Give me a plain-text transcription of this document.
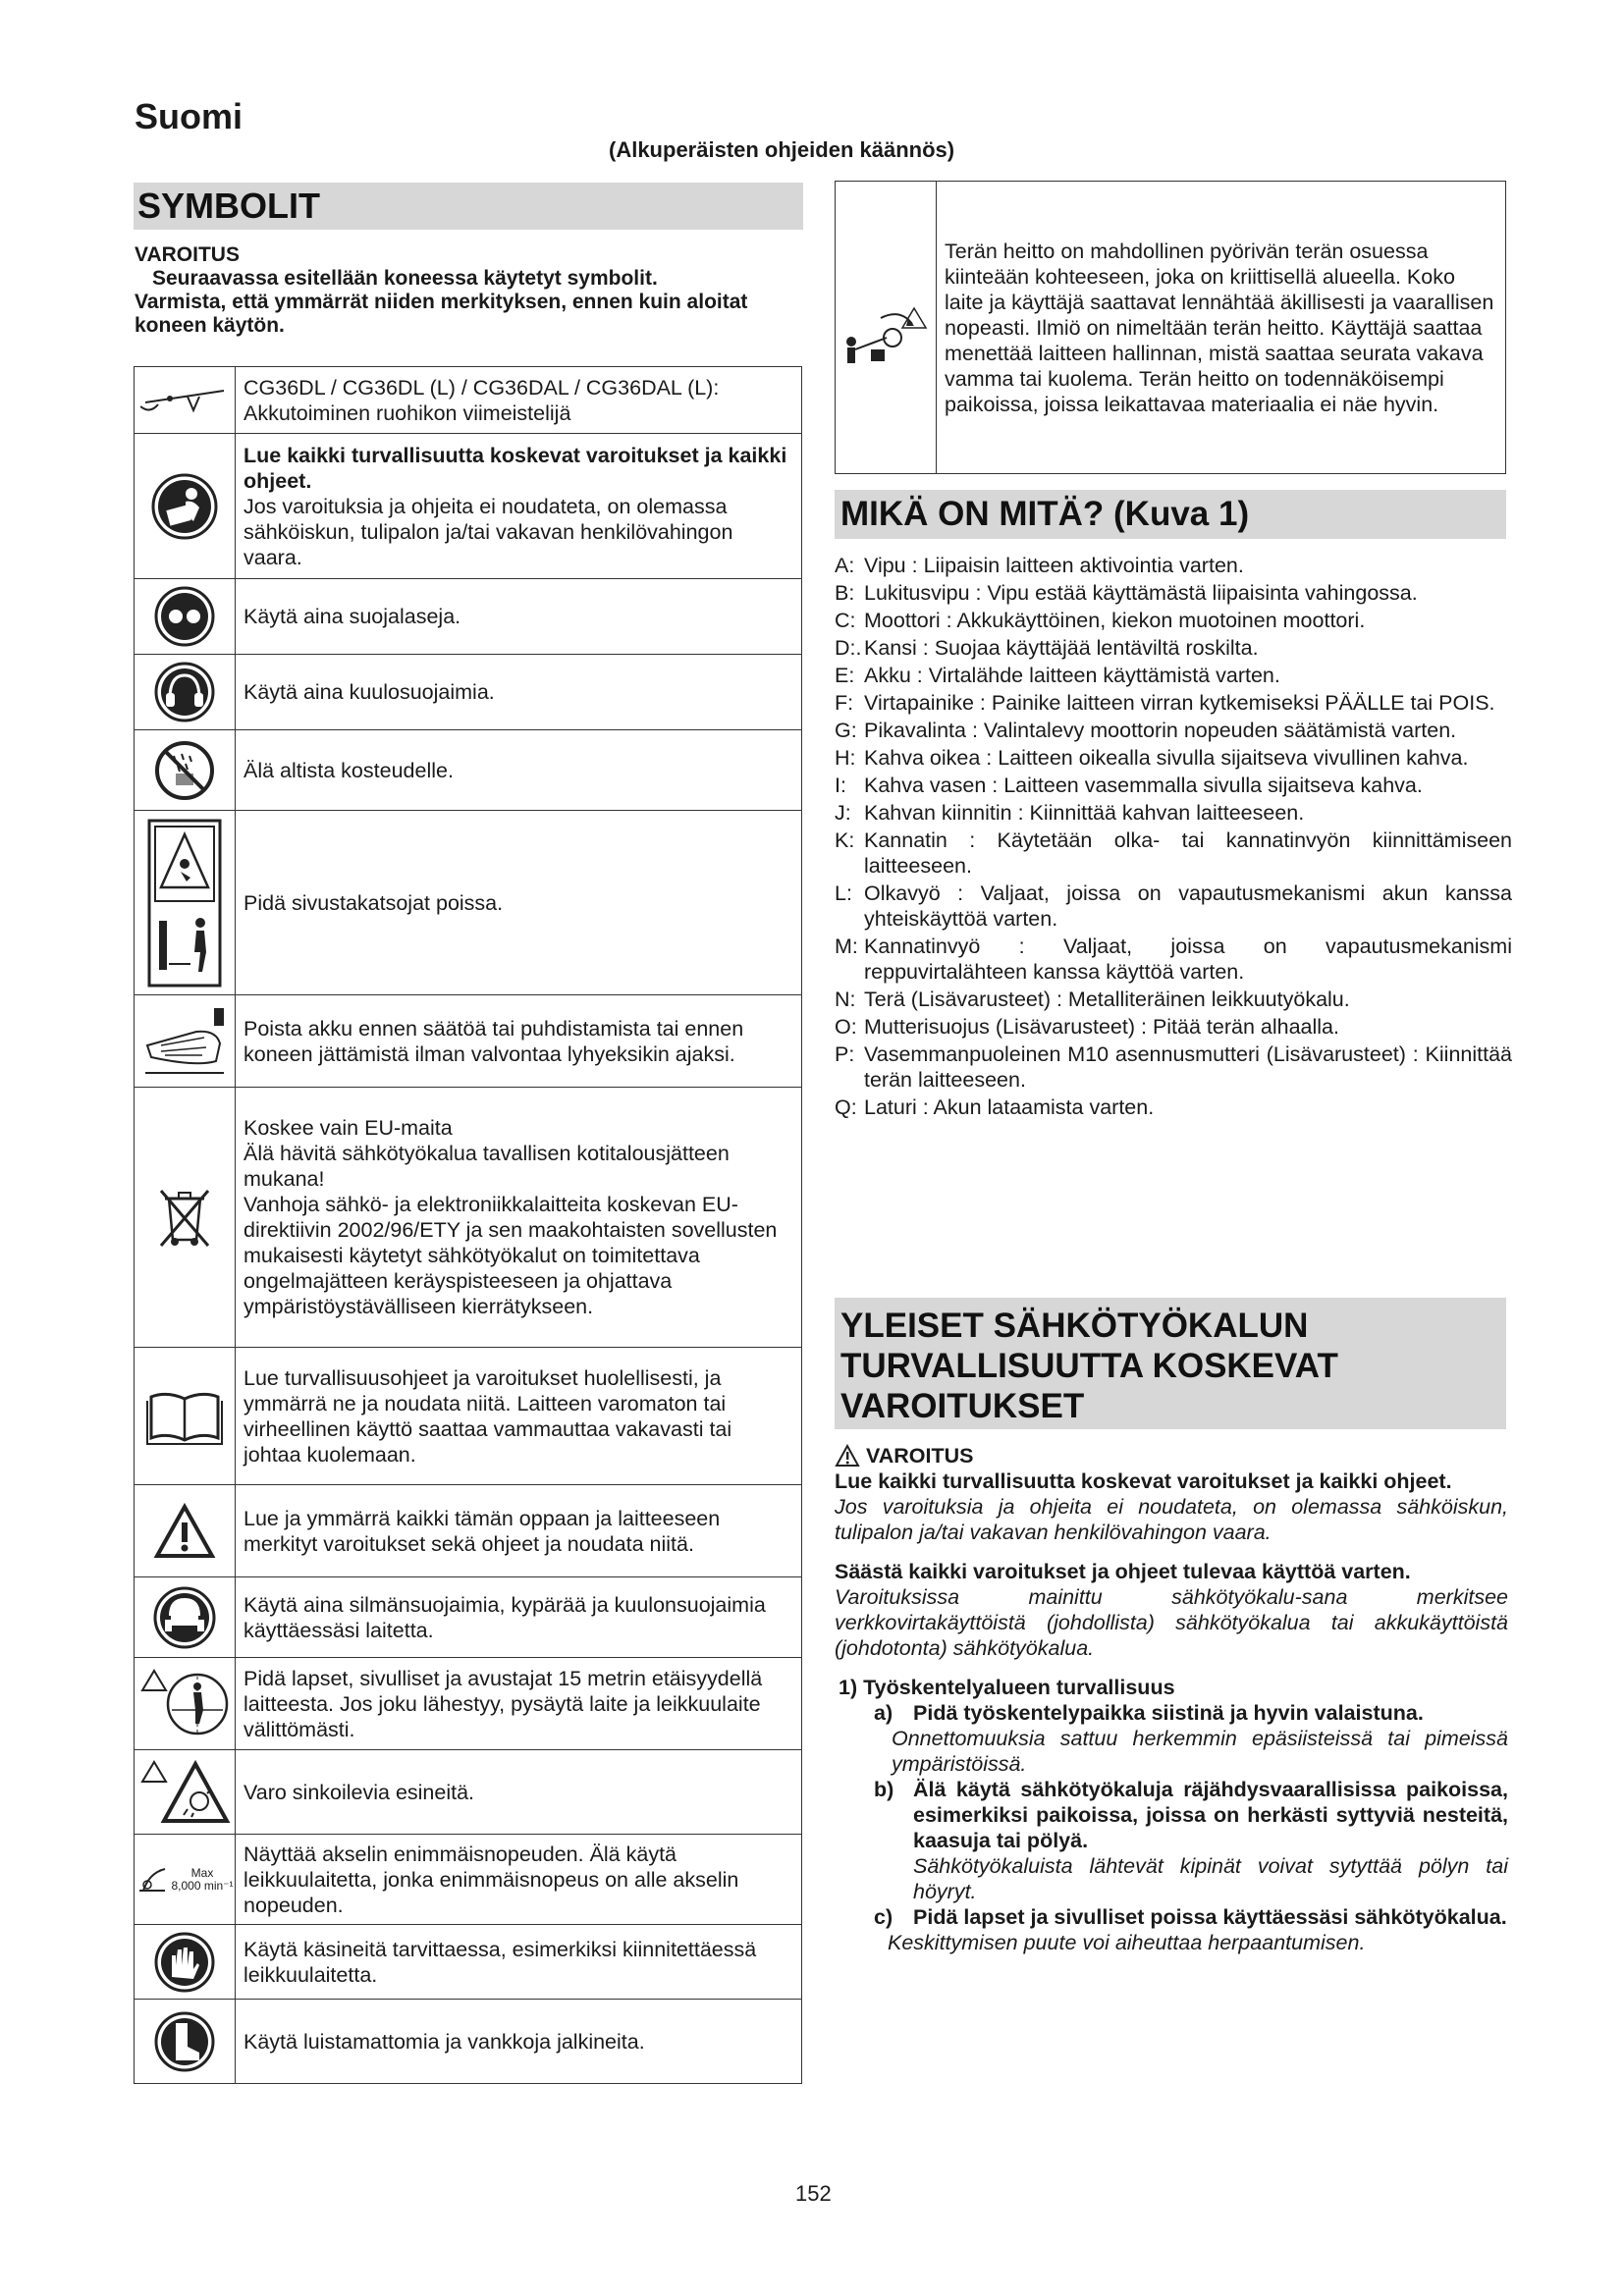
Suomi
(Alkuperäisten ohjeiden käännös)
SYMBOLIT
VAROITUS
Seuraavassa esitellään koneessa käytetyt symbolit.
Varmista, että ymmärrät niiden merkityksen, ennen kuin aloitat koneen käytön.
	CG36DL / CG36DL (L) / CG36DAL / CG36DAL (L): Akkutoiminen ruohikon viimeistelijä

Lue kaikki turvallisuutta koskevat varoitukset ja kaikki ohjeet.
Jos varoituksia ja ohjeita ei noudateta, on olemassa sähköiskun, tulipalon ja/tai vakavan henkilövahingon vaara.

	Käytä aina suojalaseja.

	Käytä aina kuulosuojaimia.

	Älä altista kosteudelle.

	Pidä sivustakatsojat poissa.

	Poista akku ennen säätöä tai puhdistamista tai ennen koneen jättämistä ilman valvontaa lyhyeksikin ajaksi.

Koskee vain EU-maita
Älä hävitä sähkötyökalua tavallisen kotitalousjätteen mukana!
Vanhoja sähkö- ja elektroniikkalaitteita koskevan EU-direktiivin 2002/96/ETY ja sen maakohtaisten sovellusten mukaisesti käytetyt sähkötyökalut on toimitettava ongelmajätteen keräyspisteeseen ja ohjattava ympäristöystävälliseen kierrätykseen.

	Lue turvallisuusohjeet ja varoitukset huolellisesti, ja ymmärrä ne ja noudata niitä. Laitteen varomaton tai virheellinen käyttö saattaa vammauttaa vakavasti tai johtaa kuolemaan.

	Lue ja ymmärrä kaikki tämän oppaan ja laitteeseen merkityt varoitukset sekä ohjeet ja noudata niitä.

	Käytä aina silmänsuojaimia, kypärää ja kuulonsuojaimia käyttäessäsi laitetta.

	Pidä lapset, sivulliset ja avustajat 15 metrin etäisyydellä laitteesta. Jos joku lähestyy, pysäytä laite ja leikkuulaite välittömästi.

	Varo sinkoilevia esineitä.

Max
8,000 min⁻¹	Näyttää akselin enimmäisnopeuden. Älä käytä leikkuulaitetta, jonka enimmäisnopeus on alle akselin nopeuden.

	Käytä käsineitä tarvittaessa, esimerkiksi kiinnitettäessä leikkuulaitetta.

	Käytä luistamattomia ja vankkoja jalkineita.
	Terän heitto on mahdollinen pyörivän terän osuessa kiinteään kohteeseen, joka on kriittisellä alueella. Koko laite ja käyttäjä saattavat lennähtää äkillisesti ja vaarallisen nopeasti. Ilmiö on nimeltään terän heitto. Käyttäjä saattaa menettää laitteen hallinnan, mistä saattaa seurata vakava vamma tai kuolema. Terän heitto on todennäköisempi paikoissa, joissa leikattavaa materiaalia ei näe hyvin.
MIKÄ ON MITÄ? (Kuva 1)
A: Vipu : Liipaisin laitteen aktivointia varten.
B: Lukitusvipu : Vipu estää käyttämästä liipaisinta vahingossa.
C: Moottori : Akkukäyttöinen, kiekon muotoinen moottori.
D:. Kansi : Suojaa käyttäjää lentäviltä roskilta.
E: Akku : Virtalähde laitteen käyttämistä varten.
F: Virtapainike : Painike laitteen virran kytkemiseksi PÄÄLLE tai POIS.
G: Pikavalinta : Valintalevy moottorin nopeuden säätämistä varten.
H: Kahva oikea : Laitteen oikealla sivulla sijaitseva vivullinen kahva.
I: Kahva vasen : Laitteen vasemmalla sivulla sijaitseva kahva.
J: Kahvan kiinnitin : Kiinnittää kahvan laitteeseen.
K: Kannatin : Käytetään olka- tai kannatinvyön kiinnittämiseen laitteeseen.
L: Olkavyö : Valjaat, joissa on vapautusmekanismi akun kanssa yhteiskäyttöä varten.
M: Kannatinvyö : Valjaat, joissa on vapautusmekanismi reppuvirtalähteen kanssa käyttöä varten.
N: Terä (Lisävarusteet) : Metalliteräinen leikkuutyökalu.
O: Mutterisuojus (Lisävarusteet) : Pitää terän alhaalla.
P: Vasemmanpuoleinen M10 asennusmutteri (Lisävarusteet) : Kiinnittää terän laitteeseen.
Q: Laturi : Akun lataamista varten.
YLEISET SÄHKÖTYÖKALUN TURVALLISUUTTA KOSKEVAT VAROITUKSET
VAROITUS
Lue kaikki turvallisuutta koskevat varoitukset ja kaikki ohjeet.
Jos varoituksia ja ohjeita ei noudateta, on olemassa sähköiskun, tulipalon ja/tai vakavan henkilövahingon vaara.
Säästä kaikki varoitukset ja ohjeet tulevaa käyttöä varten.
Varoituksissa mainittu sähkötyökalu-sana merkitsee verkkovirtakäyttöistä (johdollista) sähkötyökalua tai akkukäyttöistä (johdotonta) sähkötyökalua.
1) Työskentelyalueen turvallisuus
a) Pidä työskentelypaikka siistinä ja hyvin valaistuna.
Onnettomuuksia sattuu herkemmin epäsiisteissä tai pimeissä ympäristöissä.
b) Älä käytä sähkötyökaluja räjähdysvaarallisissa paikoissa, esimerkiksi paikoissa, joissa on herkästi syttyviä nesteitä, kaasuja tai pölyä.
Sähkötyökaluista lähtevät kipinät voivat sytyttää pölyn tai höyryt.
c) Pidä lapset ja sivulliset poissa käyttäessäsi sähkötyökalua.
Keskittymisen puute voi aiheuttaa herpaantumisen.
152
